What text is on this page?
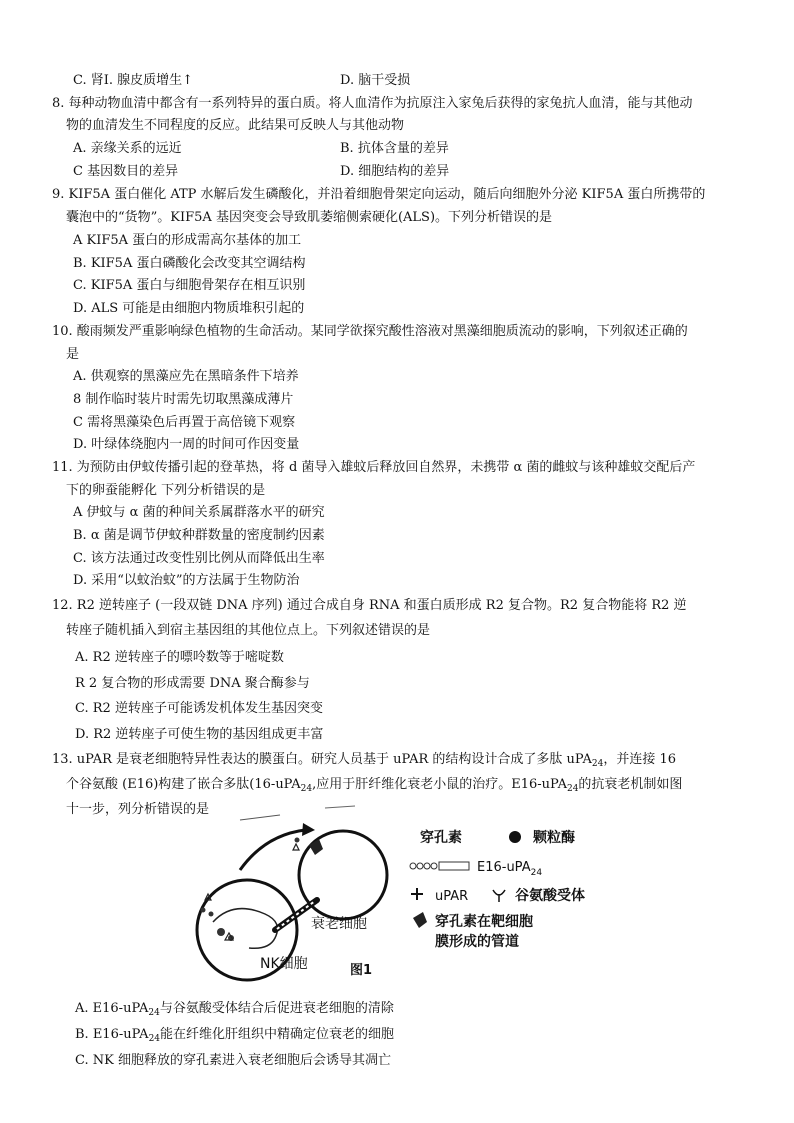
C. 肾Ⅰ. 腺皮质增生↑	D. 脑干受损
8. 每种动物血清中都含有一系列特异的蛋白质。将人血清作为抗原注入家兔后获得的家兔抗人血清，能与其他动
物的血清发生不同程度的反应。此结果可反映人与其他动物
A. 亲缘关系的远近	B. 抗体含量的差异
C 基因数目的差异	D. 细胞结构的差异
9. KIF5A 蛋白催化 ATP 水解后发生磷酸化，并沿着细胞骨架定向运动，随后向细胞外分泌 KIF5A 蛋白所携带的
囊泡中的“货物”。KIF5A 基因突变会导致肌萎缩侧索硬化(ALS)。下列分析错误的是
A KIF5A 蛋白的形成需高尔基体的加工
B. KIF5A 蛋白磷酸化会改变其空调结构
C. KIF5A 蛋白与细胞骨架存在相互识别
D. ALS 可能是由细胞内物质堆积引起的
10. 酸雨频发严重影响绿色植物的生命活动。某同学欲探究酸性溶液对黑藻细胞质流动的影响，下列叙述正确的
是
A. 供观察的黑藻应先在黑暗条件下培养
8 制作临时装片时需先切取黑藻成薄片
C 需将黑藻染色后再置于高倍镜下观察
D. 叶绿体绕胞内一周的时间可作因变量
11. 为预防由伊蚊传播引起的登革热，将 d 菌导入雄蚊后释放回自然界，未携带 α 菌的雌蚊与该种雄蚊交配后产
下的卵蚕能孵化 下列分析错误的是
A 伊蚊与 α 菌的种间关系属群落水平的研究
B. α 菌是调节伊蚊种群数量的密度制约因素
C. 该方法通过改变性别比例从而降低出生率
D. 采用“以蚊治蚊”的方法属于生物防治
12. R2 逆转座子 (一段双链 DNA 序列) 通过合成自身 RNA 和蛋白质形成 R2 复合物。R2 复合物能将 R2 逆
转座子随机插入到宿主基因组的其他位点上。下列叙述错误的是
A. R2 逆转座子的嘌呤数等于嘧啶数
R 2 复合物的形成需要 DNA 聚合酶参与
C. R2 逆转座子可能诱发机体发生基因突变
D. R2 逆转座子可使生物的基因组成更丰富
13. uPAR 是衰老细胞特异性表达的膜蛋白。研究人员基于 uPAR 的结构设计合成了多肽 uPA$_{24}$，并连接 16
个谷氨酸 (E16)构建了嵌合多肽(16-uPA$_{24}$,应用于肝纤维化衰老小鼠的治疗。E16-uPA$_{24}$的抗衰老机制如图
十一步，列分析错误的是
衰老细胞
NK细胞	图1
穿孔素	颗粒酶
E16-uPA$_{24}$
uPAR	谷氨酸受体
穿孔素在靶细胞
膜形成的管道
A. E16-uPA$_{24}$与谷氨酸受体结合后促进衰老细胞的清除
B. E16-uPA$_{24}$能在纤维化肝组织中精确定位衰老的细胞
C. NK 细胞释放的穿孔素进入衰老细胞后会诱导其凋亡
